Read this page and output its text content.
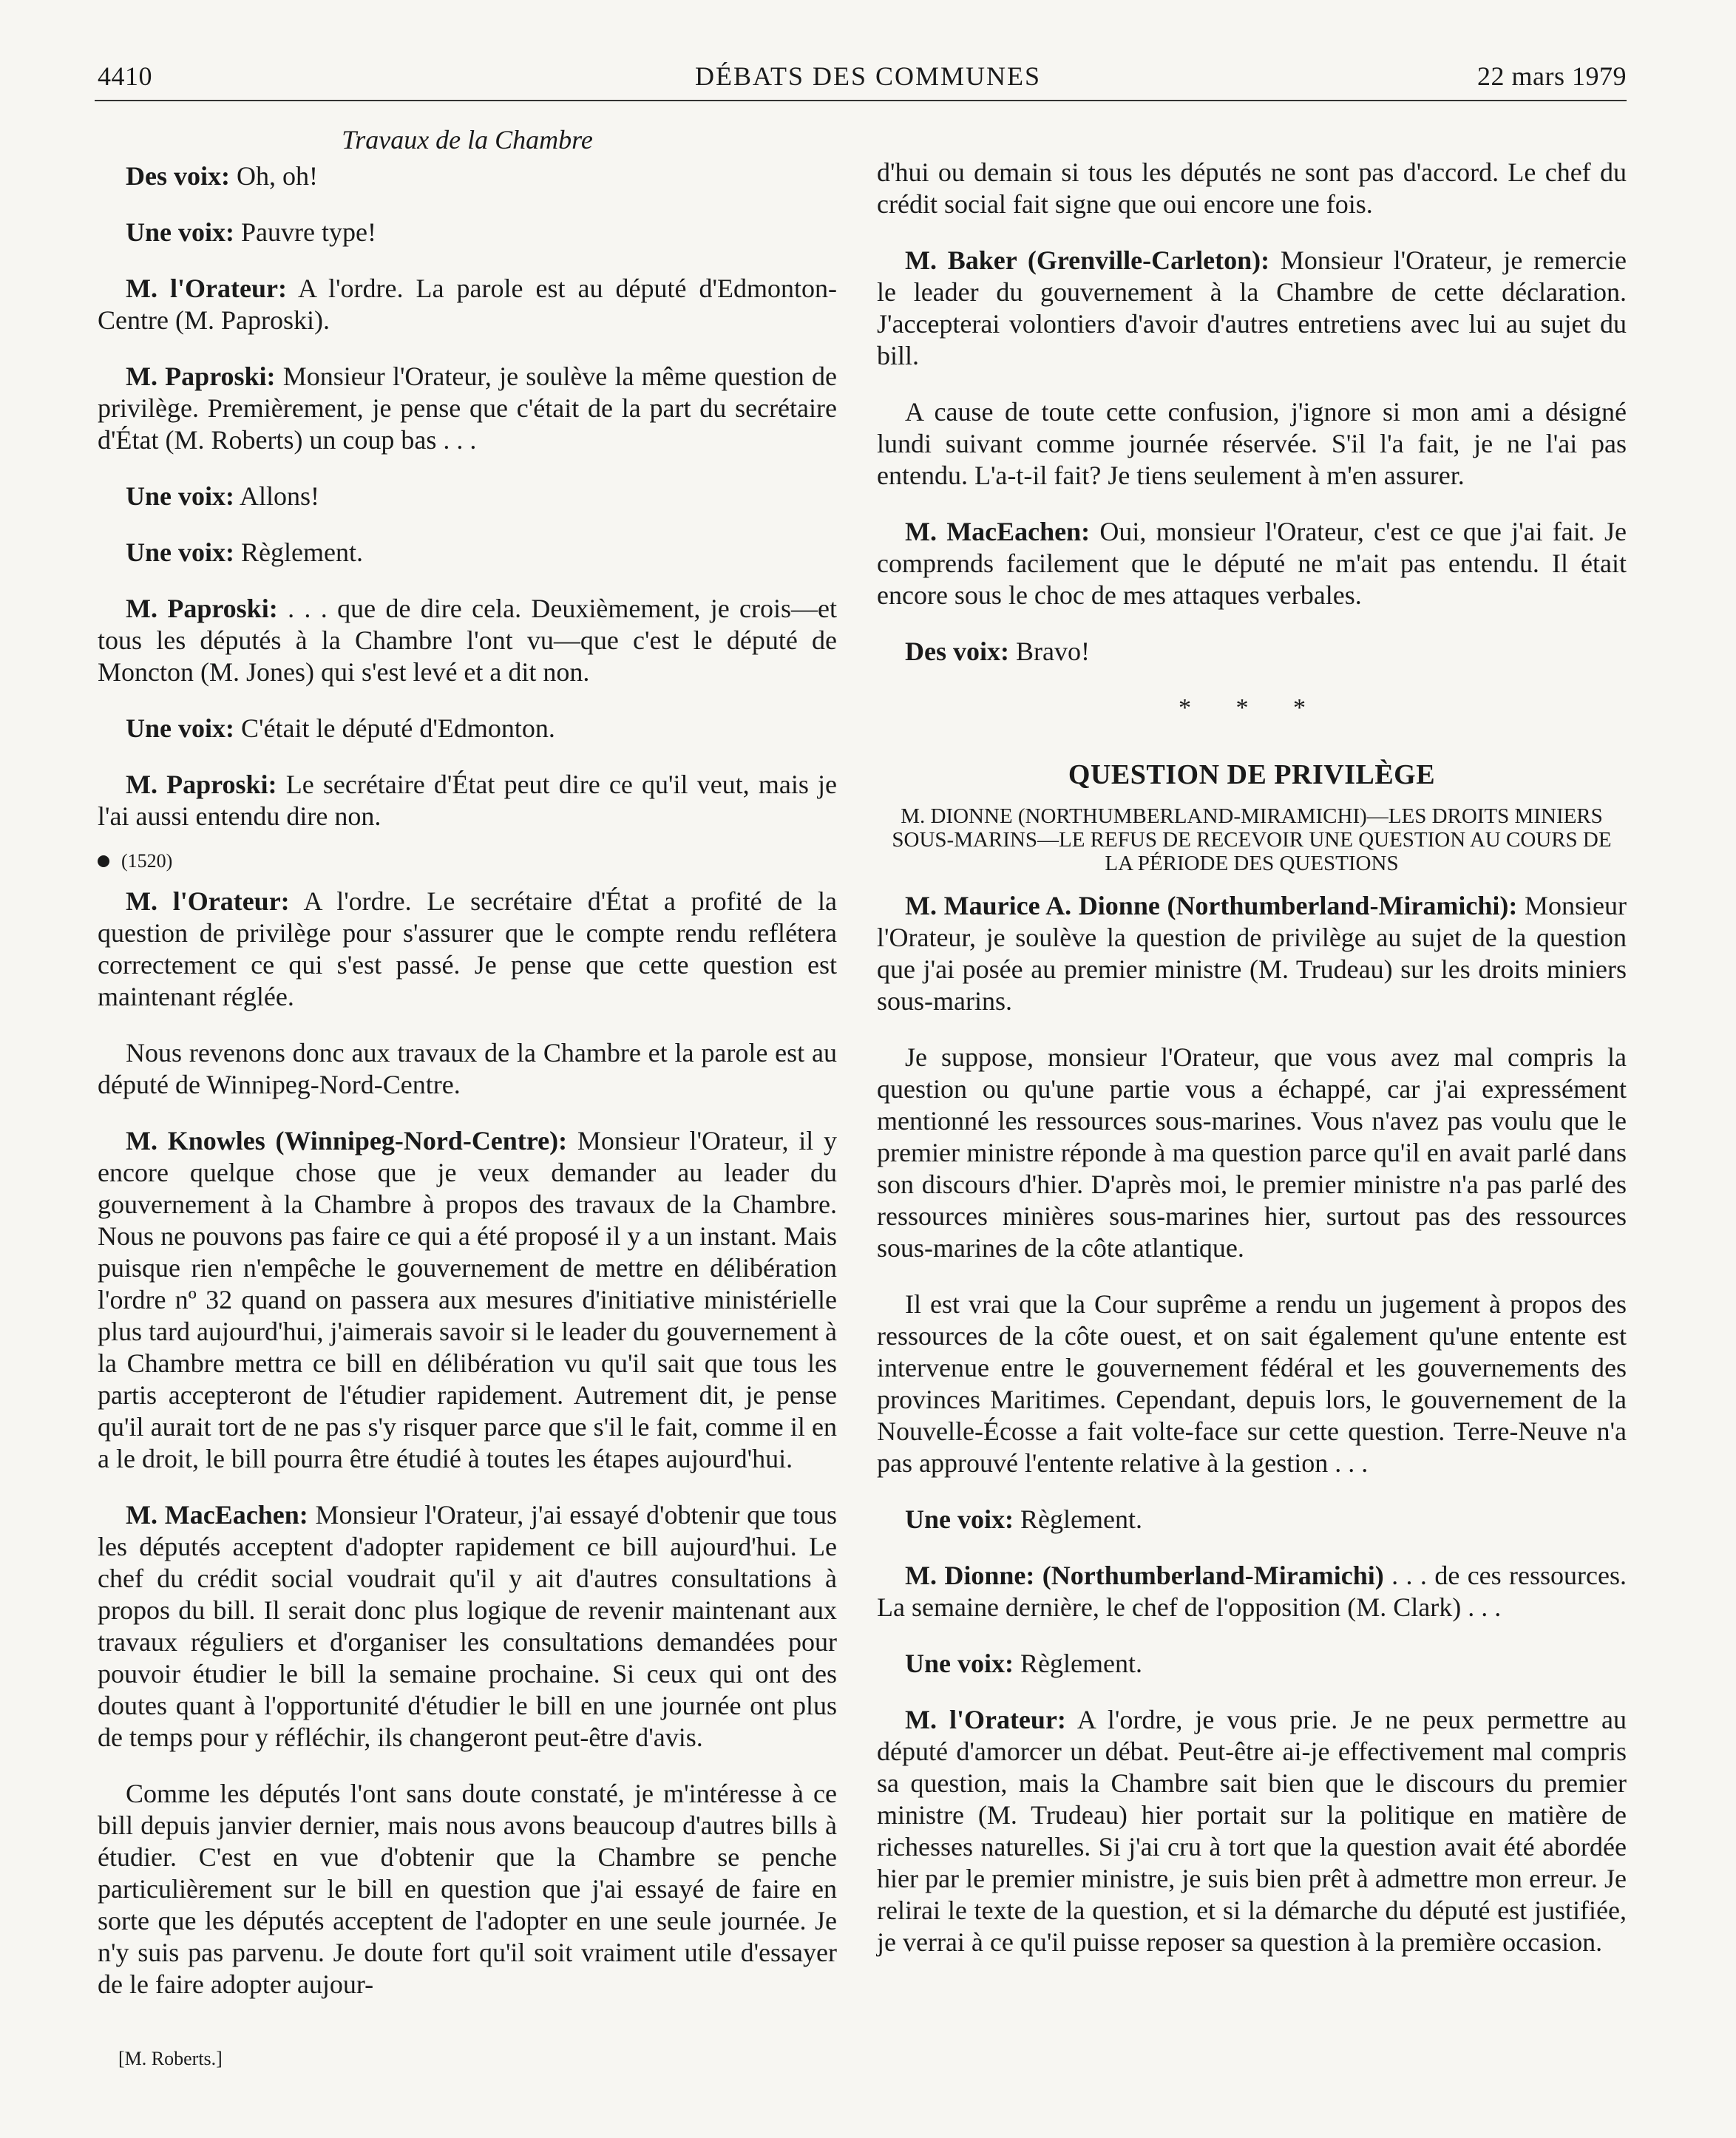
DÉBATS DES COMMUNES
4410	22 mars 1979
Travaux de la Chambre

Des voix: Oh, oh!

Une voix: Pauvre type!

M. l'Orateur: A l'ordre. La parole est au député d'Edmonton-Centre (M. Paproski).

M. Paproski: Monsieur l'Orateur, je soulève la même question de privilège. Premièrement, je pense que c'était de la part du secrétaire d'État (M. Roberts) un coup bas . . .

Une voix: Allons!

Une voix: Règlement.

M. Paproski: . . . que de dire cela. Deuxièmement, je crois—et tous les députés à la Chambre l'ont vu—que c'est le député de Moncton (M. Jones) qui s'est levé et a dit non.

Une voix: C'était le député d'Edmonton.

M. Paproski: Le secrétaire d'État peut dire ce qu'il veut, mais je l'ai aussi entendu dire non.

(1520)

M. l'Orateur: A l'ordre. Le secrétaire d'État a profité de la question de privilège pour s'assurer que le compte rendu reflétera correctement ce qui s'est passé. Je pense que cette question est maintenant réglée.

Nous revenons donc aux travaux de la Chambre et la parole est au député de Winnipeg-Nord-Centre.

M. Knowles (Winnipeg-Nord-Centre): Monsieur l'Orateur, il y encore quelque chose que je veux demander au leader du gouvernement à la Chambre à propos des travaux de la Chambre. Nous ne pouvons pas faire ce qui a été proposé il y a un instant. Mais puisque rien n'empêche le gouvernement de mettre en délibération l'ordre nº 32 quand on passera aux mesures d'initiative ministérielle plus tard aujourd'hui, j'aimerais savoir si le leader du gouvernement à la Chambre mettra ce bill en délibération vu qu'il sait que tous les partis accepteront de l'étudier rapidement. Autrement dit, je pense qu'il aurait tort de ne pas s'y risquer parce que s'il le fait, comme il en a le droit, le bill pourra être étudié à toutes les étapes aujourd'hui.

M. MacEachen: Monsieur l'Orateur, j'ai essayé d'obtenir que tous les députés acceptent d'adopter rapidement ce bill aujourd'hui. Le chef du crédit social voudrait qu'il y ait d'autres consultations à propos du bill. Il serait donc plus logique de revenir maintenant aux travaux réguliers et d'organiser les consultations demandées pour pouvoir étudier le bill la semaine prochaine. Si ceux qui ont des doutes quant à l'opportunité d'étudier le bill en une journée ont plus de temps pour y réfléchir, ils changeront peut-être d'avis.

Comme les députés l'ont sans doute constaté, je m'intéresse à ce bill depuis janvier dernier, mais nous avons beaucoup d'autres bills à étudier. C'est en vue d'obtenir que la Chambre se penche particulièrement sur le bill en question que j'ai essayé de faire en sorte que les députés acceptent de l'adopter en une seule journée. Je n'y suis pas parvenu. Je doute fort qu'il soit vraiment utile d'essayer de le faire adopter aujour-

d'hui ou demain si tous les députés ne sont pas d'accord. Le chef du crédit social fait signe que oui encore une fois.

M. Baker (Grenville-Carleton): Monsieur l'Orateur, je remercie le leader du gouvernement à la Chambre de cette déclaration. J'accepterai volontiers d'avoir d'autres entretiens avec lui au sujet du bill.

A cause de toute cette confusion, j'ignore si mon ami a désigné lundi suivant comme journée réservée. S'il l'a fait, je ne l'ai pas entendu. L'a-t-il fait? Je tiens seulement à m'en assurer.

M. MacEachen: Oui, monsieur l'Orateur, c'est ce que j'ai fait. Je comprends facilement que le député ne m'ait pas entendu. Il était encore sous le choc de mes attaques verbales.

Des voix: Bravo!

* * *
QUESTION DE PRIVILÈGE
M. DIONNE (NORTHUMBERLAND-MIRAMICHI)—LES DROITS MINIERS SOUS-MARINS—LE REFUS DE RECEVOIR UNE QUESTION AU COURS DE LA PÉRIODE DES QUESTIONS

M. Maurice A. Dionne (Northumberland-Miramichi): Monsieur l'Orateur, je soulève la question de privilège au sujet de la question que j'ai posée au premier ministre (M. Trudeau) sur les droits miniers sous-marins.

Je suppose, monsieur l'Orateur, que vous avez mal compris la question ou qu'une partie vous a échappé, car j'ai expressément mentionné les ressources sous-marines. Vous n'avez pas voulu que le premier ministre réponde à ma question parce qu'il en avait parlé dans son discours d'hier. D'après moi, le premier ministre n'a pas parlé des ressources minières sous-marines hier, surtout pas des ressources sous-marines de la côte atlantique.

Il est vrai que la Cour suprême a rendu un jugement à propos des ressources de la côte ouest, et on sait également qu'une entente est intervenue entre le gouvernement fédéral et les gouvernements des provinces Maritimes. Cependant, depuis lors, le gouvernement de la Nouvelle-Écosse a fait volte-face sur cette question. Terre-Neuve n'a pas approuvé l'entente relative à la gestion . . .

Une voix: Règlement.

M. Dionne: (Northumberland-Miramichi) . . . de ces ressources. La semaine dernière, le chef de l'opposition (M. Clark) . . .

Une voix: Règlement.

M. l'Orateur: A l'ordre, je vous prie. Je ne peux permettre au député d'amorcer un débat. Peut-être ai-je effectivement mal compris sa question, mais la Chambre sait bien que le discours du premier ministre (M. Trudeau) hier portait sur la politique en matière de richesses naturelles. Si j'ai cru à tort que la question avait été abordée hier par le premier ministre, je suis bien prêt à admettre mon erreur. Je relirai le texte de la question, et si la démarche du député est justifiée, je verrai à ce qu'il puisse reposer sa question à la première occasion.

[M. Roberts.]
